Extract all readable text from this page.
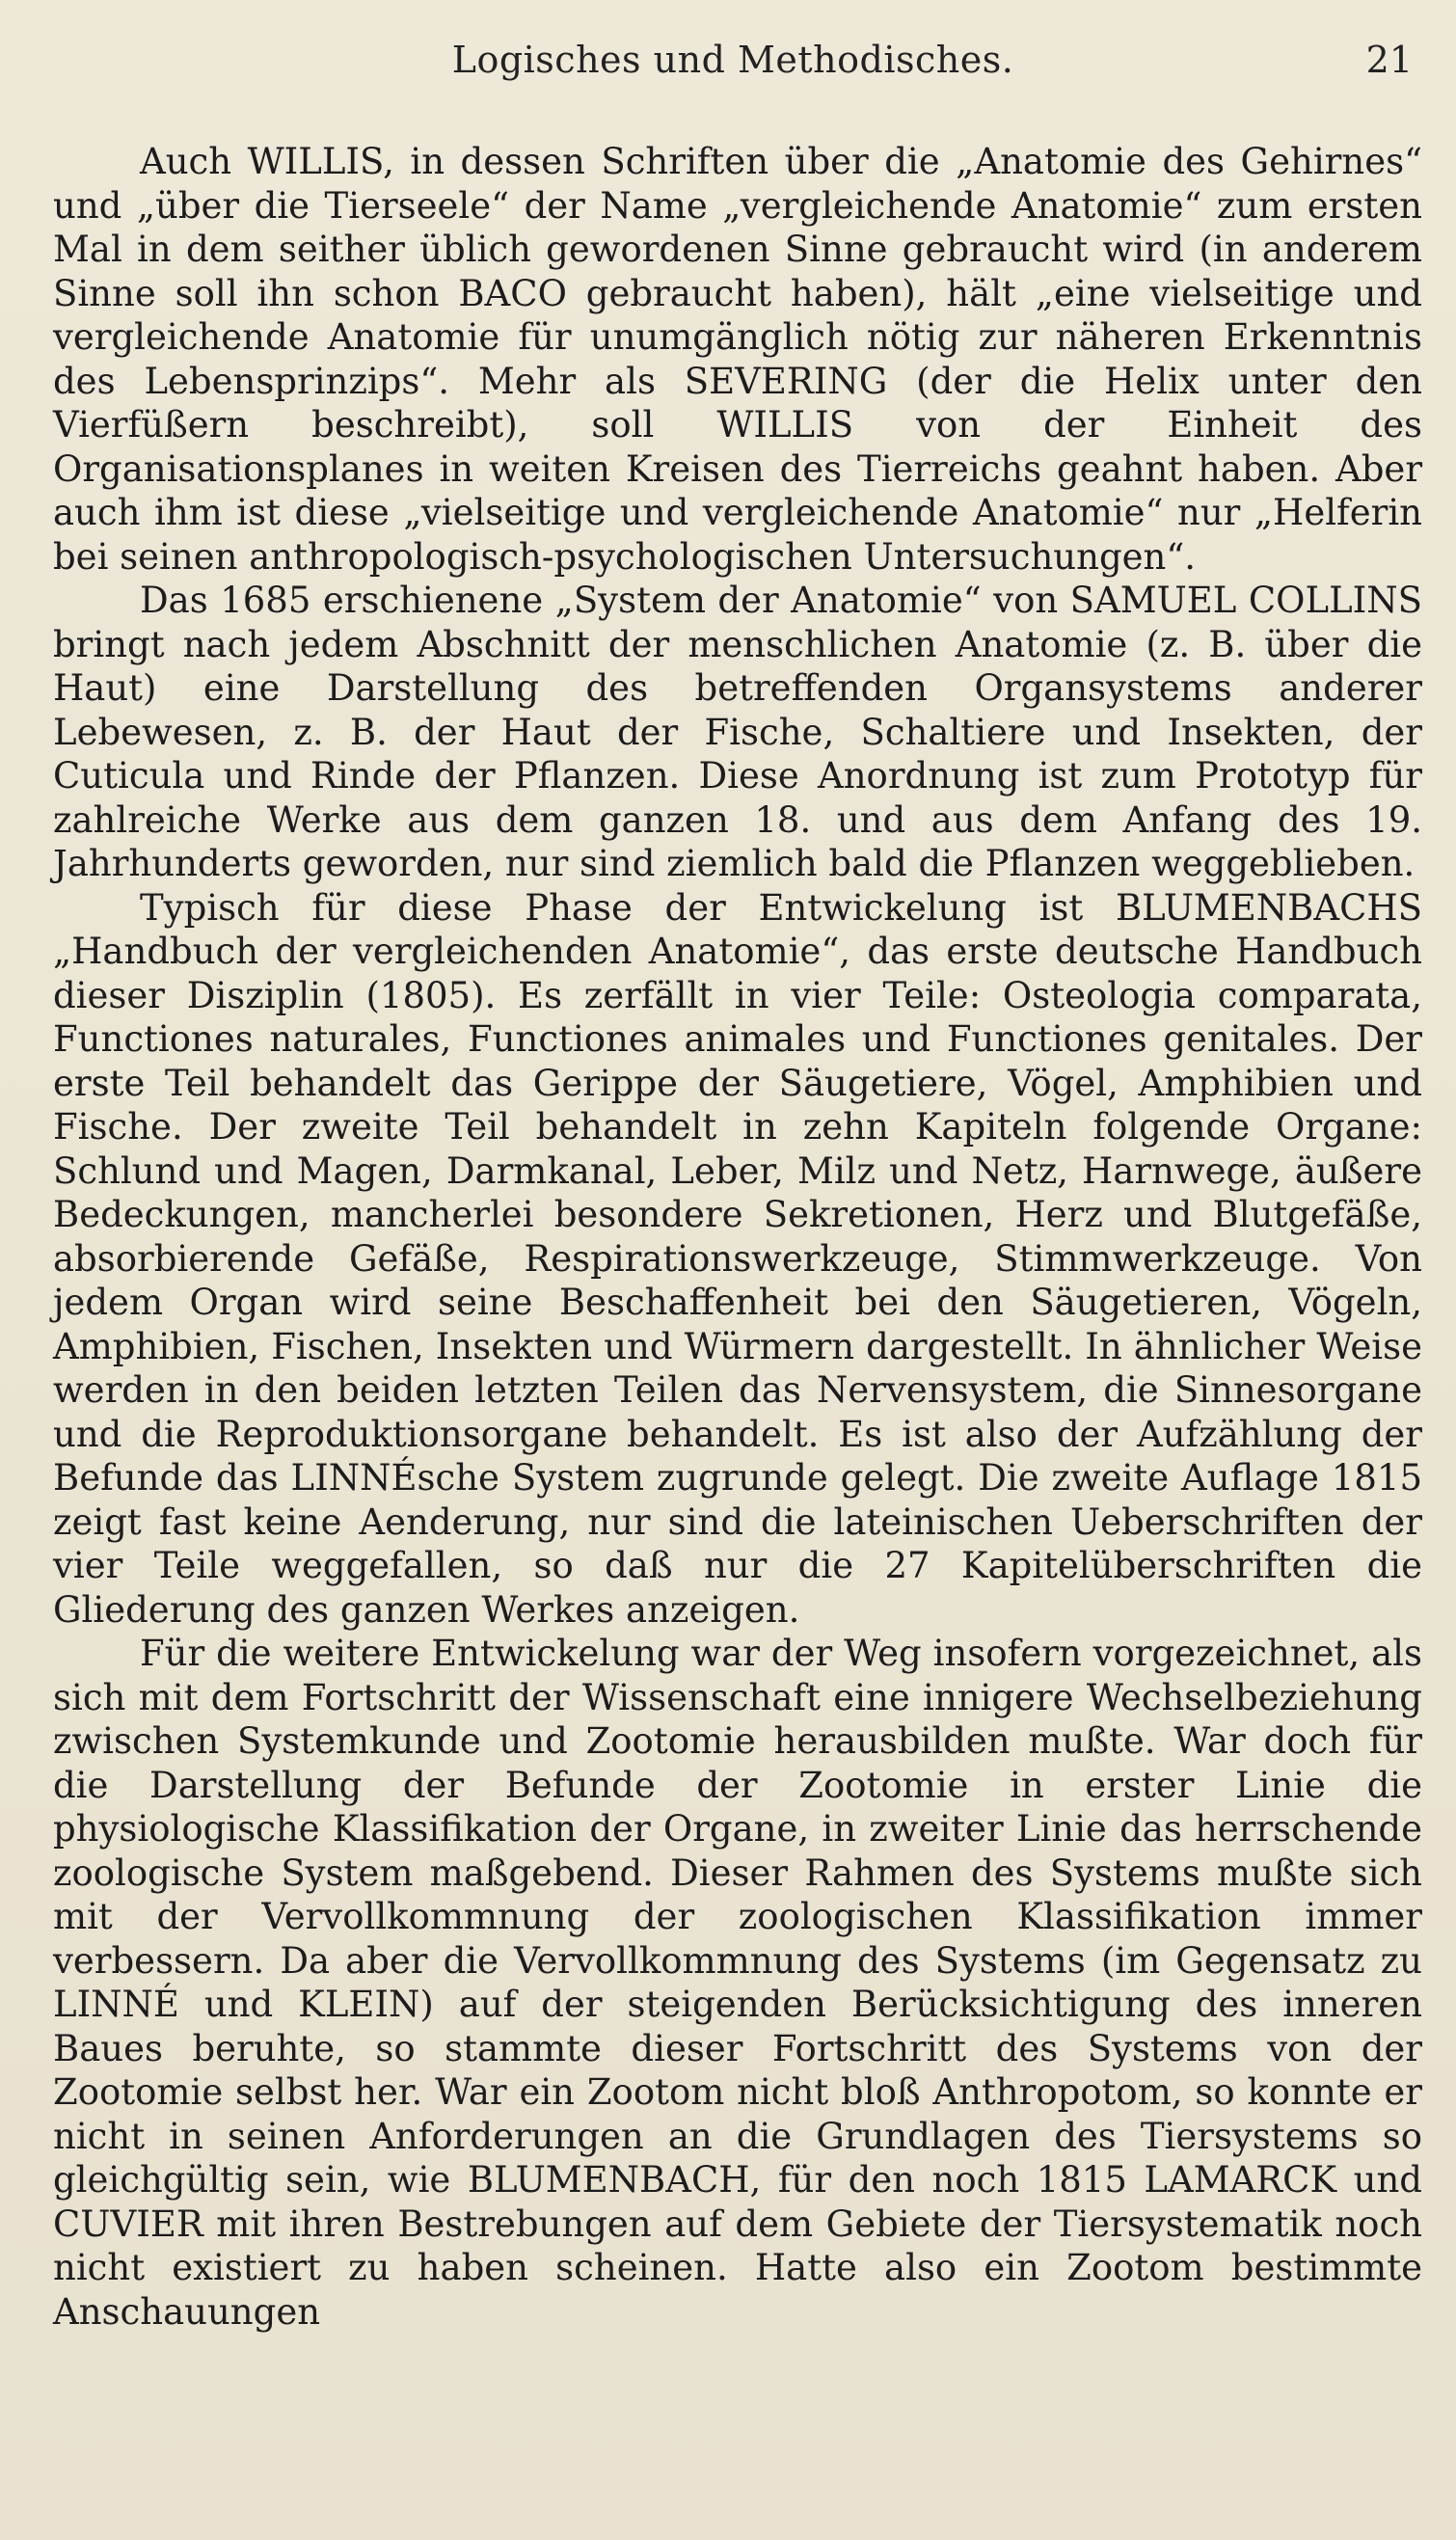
Logisches und Methodisches.	21

Auch WILLIS, in dessen Schriften über die „Anatomie des Gehirnes“ und „über die Tierseele“ der Name „vergleichende Anatomie“ zum ersten Mal in dem seither üblich gewordenen Sinne gebraucht wird (in anderem Sinne soll ihn schon BACO gebraucht haben), hält „eine vielseitige und vergleichende Anatomie für unumgänglich nötig zur näheren Erkenntnis des Lebensprinzips“. Mehr als SEVERING (der die Helix unter den Vierfüßern beschreibt), soll WILLIS von der Einheit des Organisationsplanes in weiten Kreisen des Tierreichs geahnt haben. Aber auch ihm ist diese „vielseitige und vergleichende Anatomie“ nur „Helferin bei seinen anthropologisch-psychologischen Untersuchungen“.

Das 1685 erschienene „System der Anatomie“ von SAMUEL COLLINS bringt nach jedem Abschnitt der menschlichen Anatomie (z. B. über die Haut) eine Darstellung des betreffenden Organsystems anderer Lebewesen, z. B. der Haut der Fische, Schaltiere und Insekten, der Cuticula und Rinde der Pflanzen. Diese Anordnung ist zum Prototyp für zahlreiche Werke aus dem ganzen 18. und aus dem Anfang des 19. Jahrhunderts geworden, nur sind ziemlich bald die Pflanzen weggeblieben.

Typisch für diese Phase der Entwickelung ist BLUMENBACHS „Handbuch der vergleichenden Anatomie“, das erste deutsche Handbuch dieser Disziplin (1805). Es zerfällt in vier Teile: Osteologia comparata, Functiones naturales, Functiones animales und Functiones genitales. Der erste Teil behandelt das Gerippe der Säugetiere, Vögel, Amphibien und Fische. Der zweite Teil behandelt in zehn Kapiteln folgende Organe: Schlund und Magen, Darmkanal, Leber, Milz und Netz, Harnwege, äußere Bedeckungen, mancherlei besondere Sekretionen, Herz und Blutgefäße, absorbierende Gefäße, Respirationswerkzeuge, Stimmwerkzeuge. Von jedem Organ wird seine Beschaffenheit bei den Säugetieren, Vögeln, Amphibien, Fischen, Insekten und Würmern dargestellt. In ähnlicher Weise werden in den beiden letzten Teilen das Nervensystem, die Sinnesorgane und die Reproduktionsorgane behandelt. Es ist also der Aufzählung der Befunde das LINNÉsche System zugrunde gelegt. Die zweite Auflage 1815 zeigt fast keine Aenderung, nur sind die lateinischen Ueberschriften der vier Teile weggefallen, so daß nur die 27 Kapitelüberschriften die Gliederung des ganzen Werkes anzeigen.

Für die weitere Entwickelung war der Weg insofern vorgezeichnet, als sich mit dem Fortschritt der Wissenschaft eine innigere Wechselbeziehung zwischen Systemkunde und Zootomie herausbilden mußte. War doch für die Darstellung der Befunde der Zootomie in erster Linie die physiologische Klassifikation der Organe, in zweiter Linie das herrschende zoologische System maßgebend. Dieser Rahmen des Systems mußte sich mit der Vervollkommnung der zoologischen Klassifikation immer verbessern. Da aber die Vervollkommnung des Systems (im Gegensatz zu LINNÉ und KLEIN) auf der steigenden Berücksichtigung des inneren Baues beruhte, so stammte dieser Fortschritt des Systems von der Zootomie selbst her. War ein Zootom nicht bloß Anthropotom, so konnte er nicht in seinen Anforderungen an die Grundlagen des Tiersystems so gleichgültig sein, wie BLUMENBACH, für den noch 1815 LAMARCK und CUVIER mit ihren Bestrebungen auf dem Gebiete der Tiersystematik noch nicht existiert zu haben scheinen. Hatte also ein Zootom bestimmte Anschauungen
